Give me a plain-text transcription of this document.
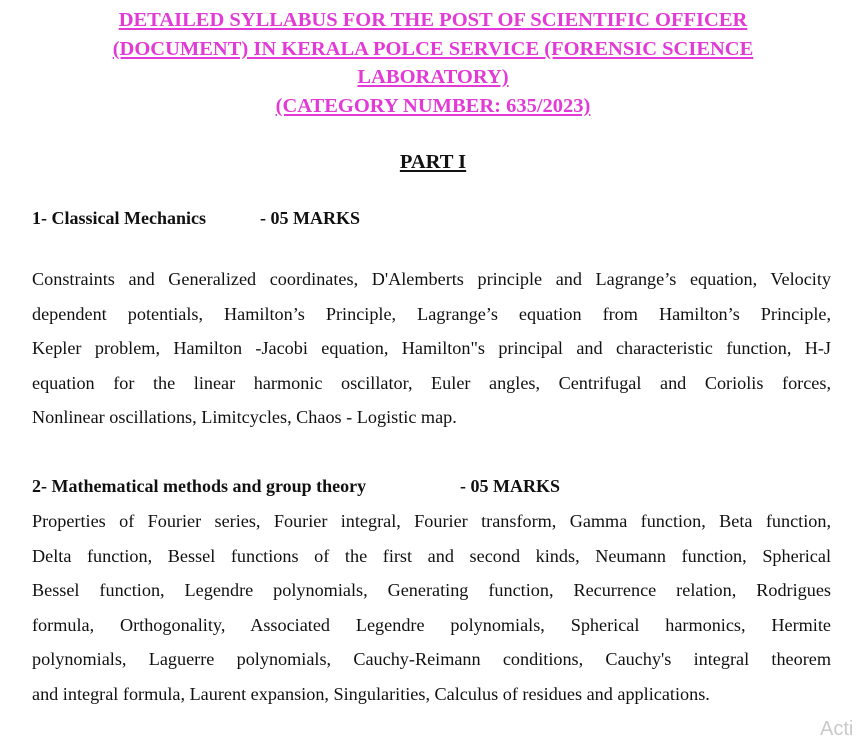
DETAILED SYLLABUS FOR THE POST OF SCIENTIFIC OFFICER
(DOCUMENT) IN KERALA POLCE SERVICE (FORENSIC SCIENCE
LABORATORY)
(CATEGORY NUMBER: 635/2023)
PART I
1- Classical Mechanics	- 05 MARKS
Constraints and Generalized coordinates, D'Alemberts principle and Lagrange’s equation, Velocity
dependent potentials, Hamilton’s Principle, Lagrange’s equation from Hamilton’s Principle,
Kepler problem, Hamilton -Jacobi equation, Hamilton"s principal and characteristic function, H-J
equation for the linear harmonic oscillator, Euler angles, Centrifugal and Coriolis forces,
Nonlinear oscillations, Limitcycles, Chaos - Logistic map.
2- Mathematical methods and group theory	- 05 MARKS
Properties of Fourier series, Fourier integral, Fourier transform, Gamma function, Beta function,
Delta function, Bessel functions of the first and second kinds, Neumann function, Spherical
Bessel function, Legendre polynomials, Generating function, Recurrence relation, Rodrigues
formula, Orthogonality, Associated Legendre polynomials, Spherical harmonics, Hermite
polynomials, Laguerre polynomials, Cauchy-Reimann conditions, Cauchy's integral theorem
and integral formula, Laurent expansion, Singularities, Calculus of residues and applications.
Acti
